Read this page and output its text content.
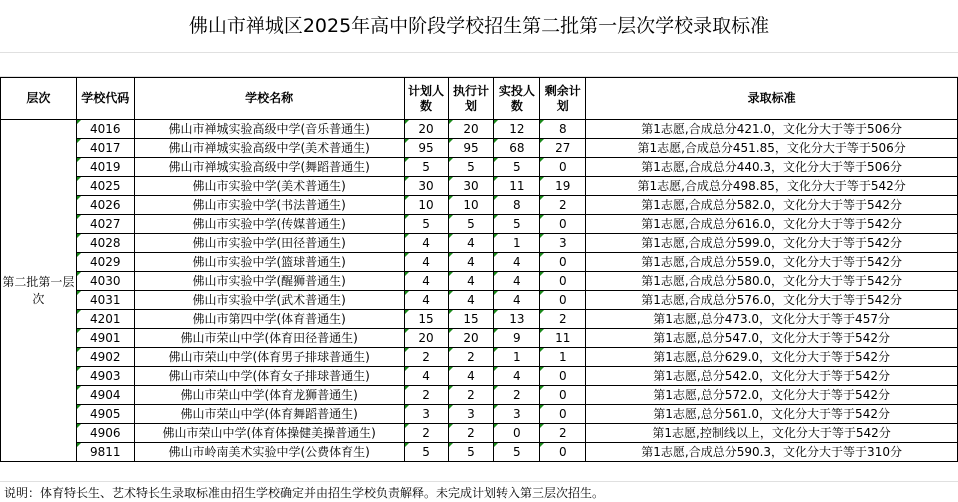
佛山市禅城区2025年高中阶段学校招生第二批第一层次学校录取标准
层次	学校代码	学校名称	计划人数	执行计划	实投人数	剩余计划	录取标准
第二批第一层次	4016	佛山市禅城实验高级中学(音乐普通生)	20	20	12	8	第1志愿,合成总分421.0，文化分大于等于506分
	4017	佛山市禅城实验高级中学(美术普通生)	95	95	68	27	第1志愿,合成总分451.85，文化分大于等于506分
	4019	佛山市禅城实验高级中学(舞蹈普通生)	5	5	5	0	第1志愿,合成总分440.3，文化分大于等于506分
	4025	佛山市实验中学(美术普通生)	30	30	11	19	第1志愿,合成总分498.85，文化分大于等于542分
	4026	佛山市实验中学(书法普通生)	10	10	8	2	第1志愿,合成总分582.0，文化分大于等于542分
	4027	佛山市实验中学(传媒普通生)	5	5	5	0	第1志愿,合成总分616.0，文化分大于等于542分
	4028	佛山市实验中学(田径普通生)	4	4	1	3	第1志愿,合成总分599.0，文化分大于等于542分
	4029	佛山市实验中学(篮球普通生)	4	4	4	0	第1志愿,合成总分559.0，文化分大于等于542分
	4030	佛山市实验中学(醒狮普通生)	4	4	4	0	第1志愿,合成总分580.0，文化分大于等于542分
	4031	佛山市实验中学(武术普通生)	4	4	4	0	第1志愿,合成总分576.0，文化分大于等于542分
	4201	佛山市第四中学(体育普通生)	15	15	13	2	第1志愿,总分473.0，文化分大于等于457分
	4901	佛山市荣山中学(体育田径普通生)	20	20	9	11	第1志愿,总分547.0，文化分大于等于542分
	4902	佛山市荣山中学(体育男子排球普通生)	2	2	1	1	第1志愿,总分629.0，文化分大于等于542分
	4903	佛山市荣山中学(体育女子排球普通生)	4	4	4	0	第1志愿,总分542.0，文化分大于等于542分
	4904	佛山市荣山中学(体育龙狮普通生)	2	2	2	0	第1志愿,总分572.0，文化分大于等于542分
	4905	佛山市荣山中学(体育舞蹈普通生)	3	3	3	0	第1志愿,总分561.0，文化分大于等于542分
	4906	佛山市荣山中学(体育体操健美操普通生)	2	2	0	2	第1志愿,控制线以上，文化分大于等于542分
	9811	佛山市岭南美术实验中学(公费体育生)	5	5	5	0	第1志愿,合成总分590.3，文化分大于等于310分
说明：体育特长生、艺术特长生录取标准由招生学校确定并由招生学校负责解释。未完成计划转入第三层次招生。
